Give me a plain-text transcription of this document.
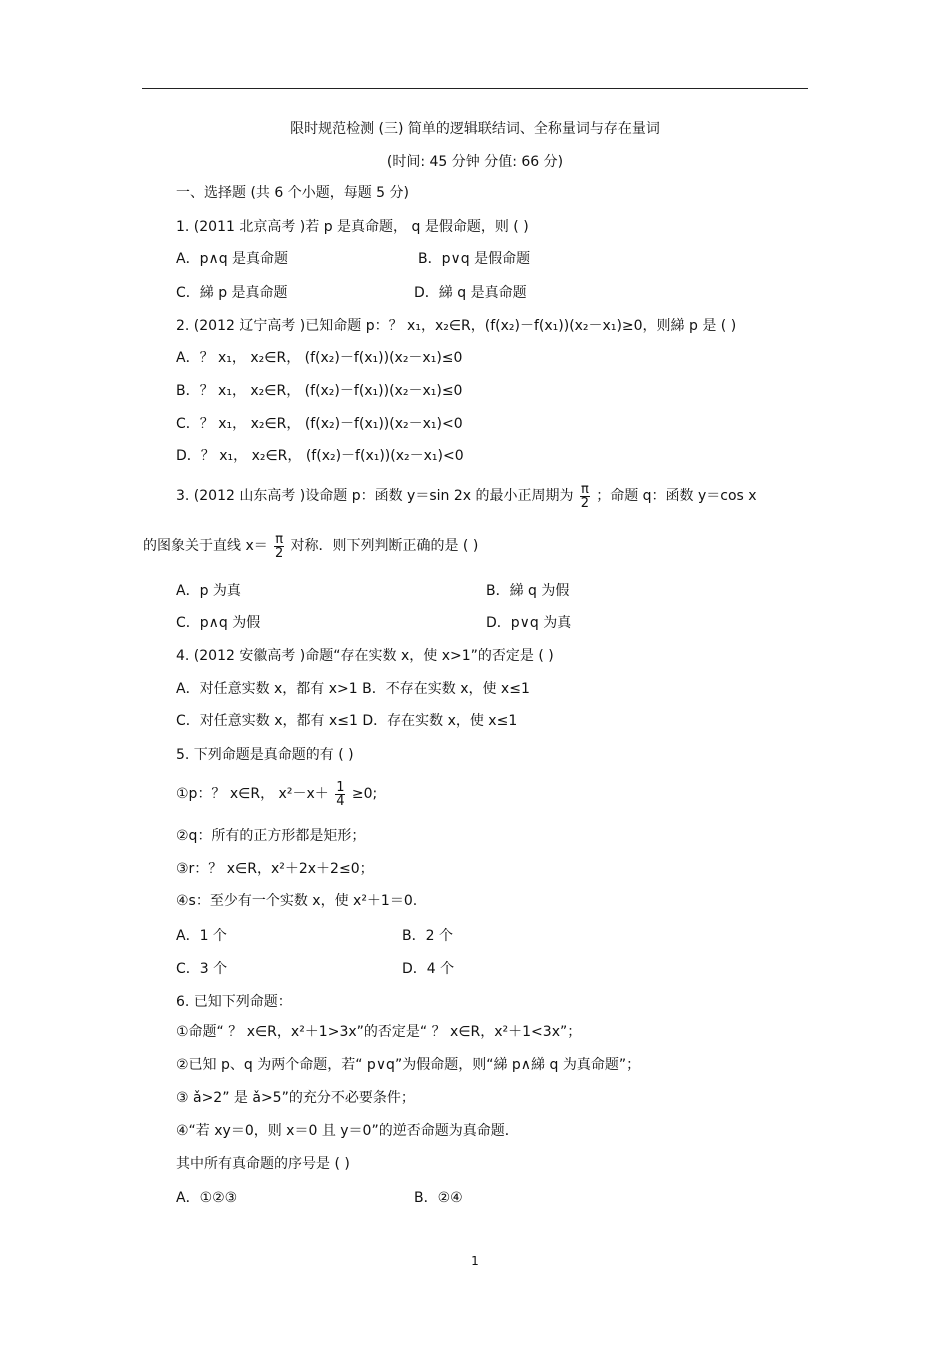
限时规范检测 (三) 简单的逻辑联结词、全称量词与存在量词
(时间: 45 分钟 分值: 66 分)
一、选择题 (共 6 个小题，每题 5 分)
1. (2011 北京高考 )若 p 是真命题， q 是假命题，则 ( )
A．p∧q 是真命题	B．p∨q 是假命题
C．綈 p 是真命题	D．綈 q 是真命题
2. (2012 辽宁高考 )已知命题 p：？ x₁，x₂∈R，(f(x₂)－f(x₁))(x₂－x₁)≥0，则綈 p 是 ( )
A．？ x₁， x₂∈R， (f(x₂)－f(x₁))(x₂－x₁)≤0
B．？ x₁， x₂∈R， (f(x₂)－f(x₁))(x₂－x₁)≤0
C．？ x₁， x₂∈R， (f(x₂)－f(x₁))(x₂－x₁)<0
D．？ x₁， x₂∈R， (f(x₂)－f(x₁))(x₂－x₁)<0
3. (2012 山东高考 )设命题 p：函数 y＝sin 2x 的最小正周期为 $\frac{\pi}{2}$ ；命题 q：函数 y＝cos x
的图象关于直线 $x= \frac{\pi}{2}$ 对称．则下列判断正确的是 ( )
A．p 为真	B．綈 q 为假
C．p∧q 为假	D．p∨q 为真
4. (2012 安徽高考 )命题“存在实数 x，使 x>1”的否定是 ( )
A．对任意实数 x，都有 x>1 B．不存在实数 x，使 x≤1
C．对任意实数 x，都有 x≤1 D．存在实数 x，使 x≤1
5. 下列命题是真命题的有 ( )
①p：？ x∈R， $x^2-x+ \frac{1}{4} \ge 0$;
②q：所有的正方形都是矩形；
③r：？ x∈R，x²＋2x＋2≤0；
④s：至少有一个实数 x，使 x²＋1＝0.
A．1 个	B．2 个
C．3 个	D．4 个
6. 已知下列命题：
①命题“ ？ x∈R，x²＋1>3x”的否定是“ ？ x∈R，x²＋1<3x”；
②已知 p、q 为两个命题，若“ p∨q”为假命题，则“綈 p∧綈 q 为真命题”；
③ ǎ>2” 是 ǎ>5”的充分不必要条件；
④“若 xy＝0，则 x＝0 且 y＝0”的逆否命题为真命题．
其中所有真命题的序号是 ( )
A．①②③	B．②④
1
